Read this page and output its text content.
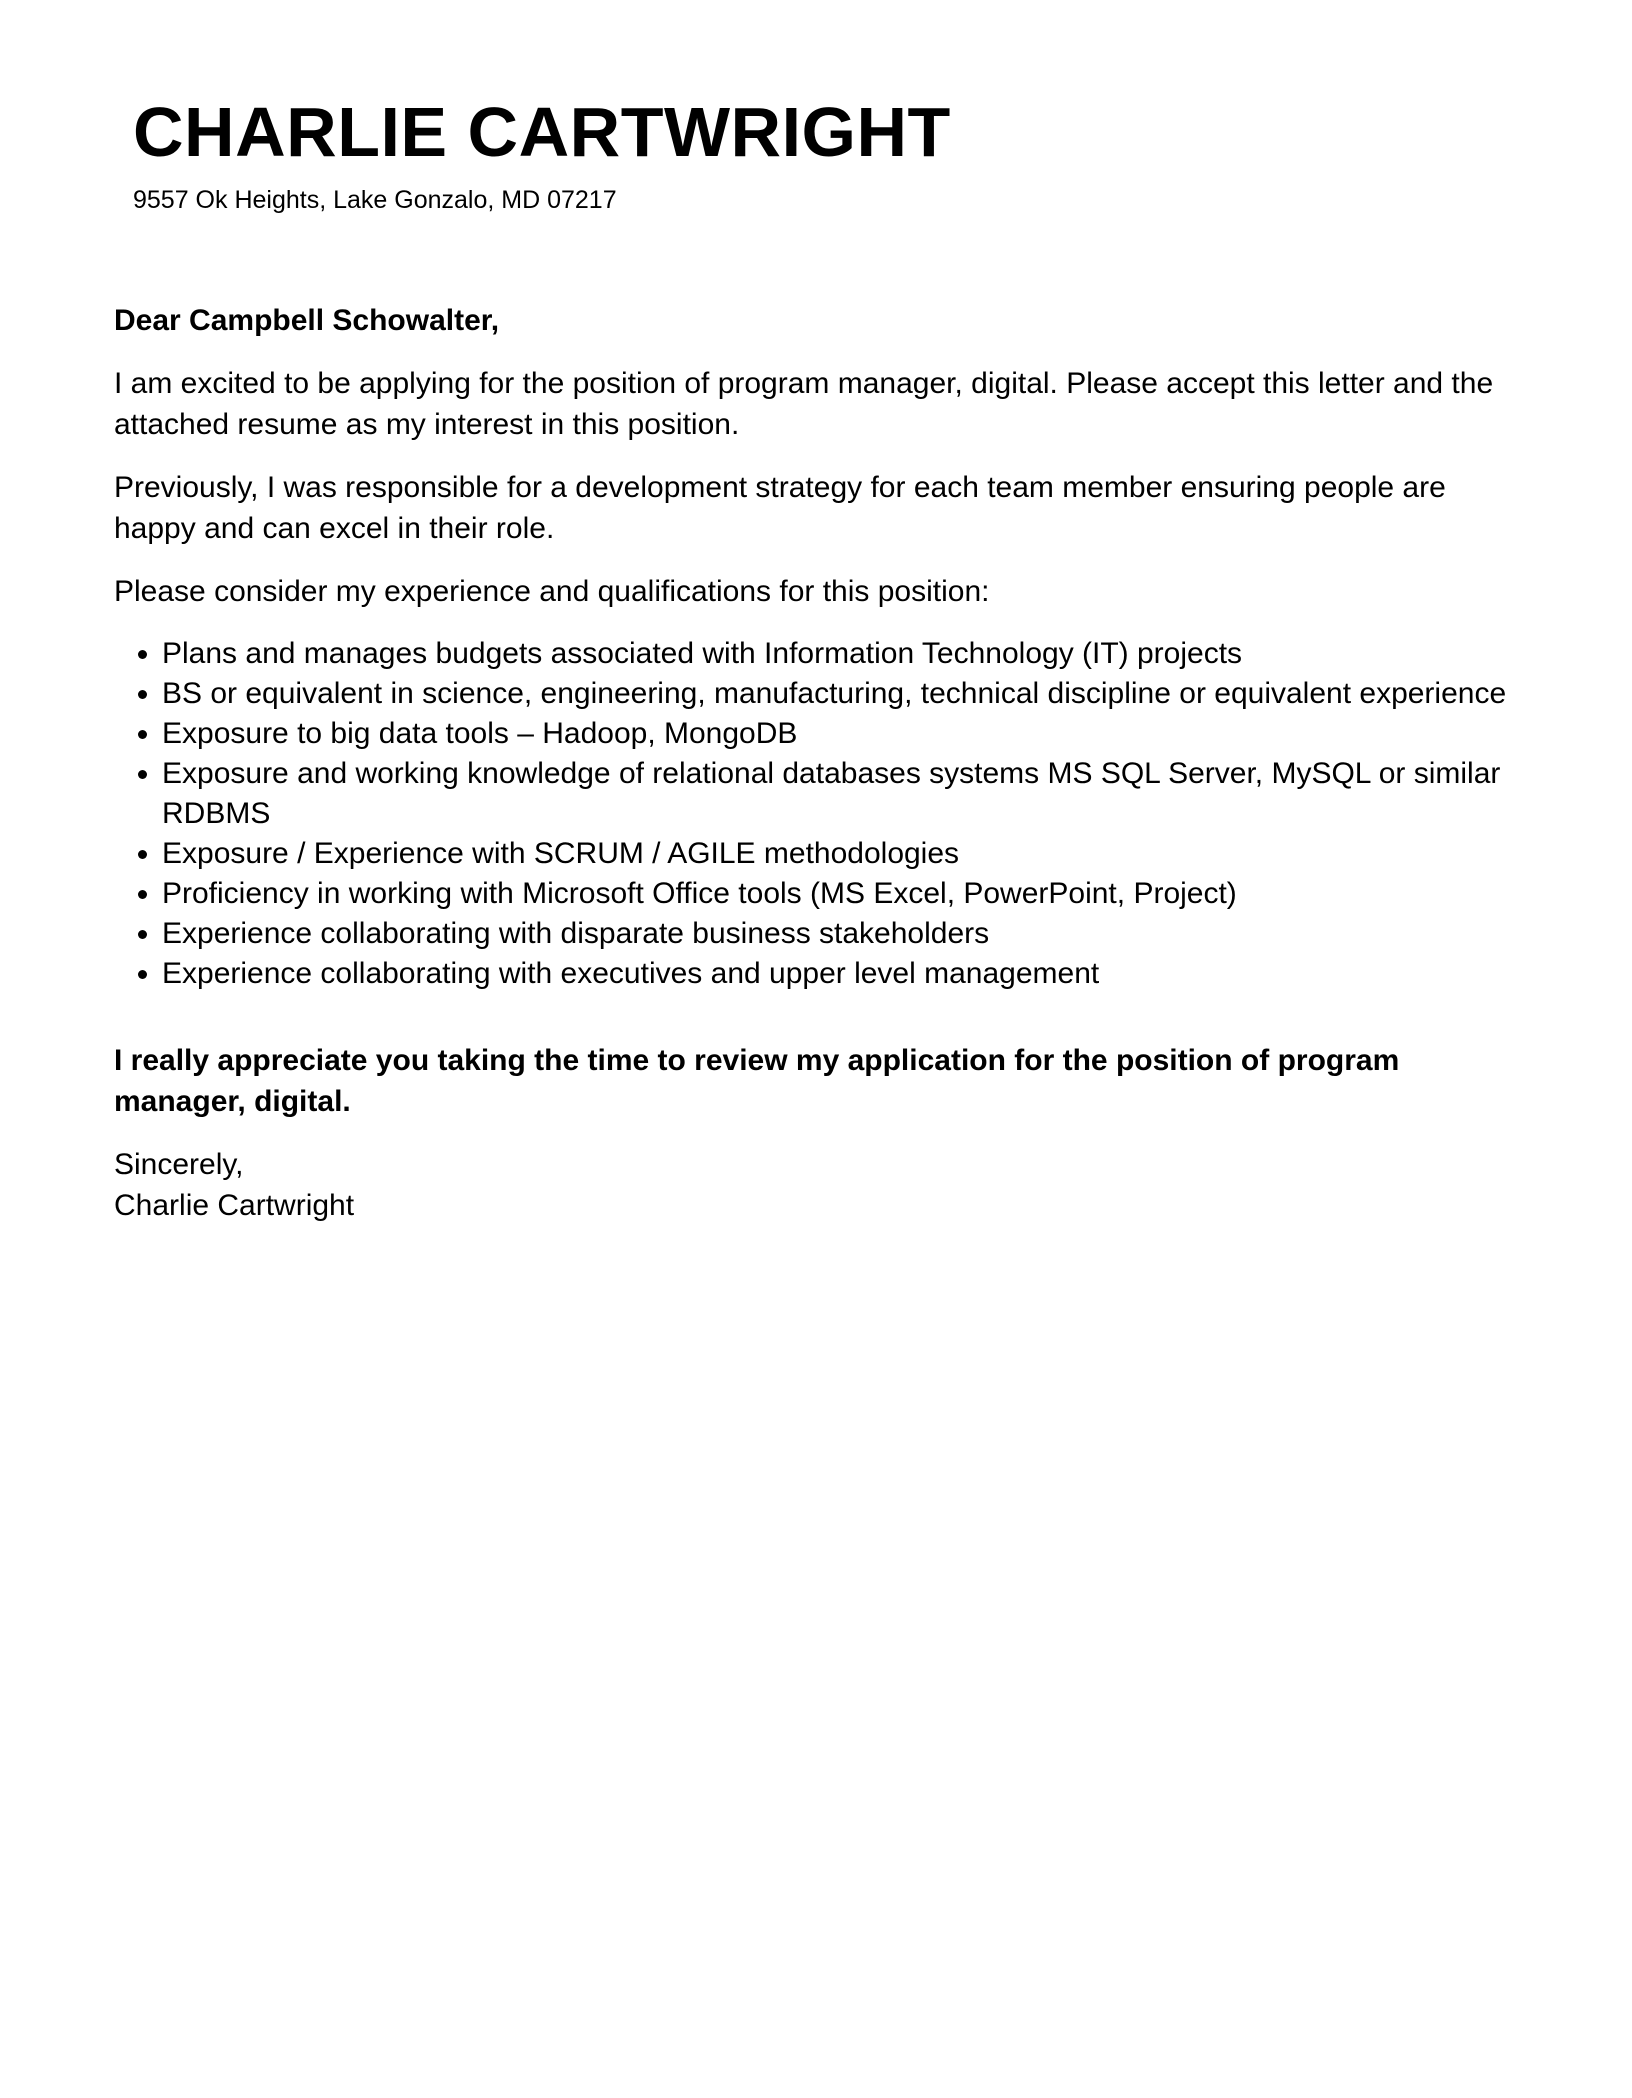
CHARLIE CARTWRIGHT

9557 Ok Heights, Lake Gonzalo, MD 07217

Dear Campbell Schowalter,

I am excited to be applying for the position of program manager, digital. Please accept this letter and the attached resume as my interest in this position.

Previously, I was responsible for a development strategy for each team member ensuring people are happy and can excel in their role.

Please consider my experience and qualifications for this position:

• Plans and manages budgets associated with Information Technology (IT) projects
• BS or equivalent in science, engineering, manufacturing, technical discipline or equivalent experience
• Exposure to big data tools – Hadoop, MongoDB
• Exposure and working knowledge of relational databases systems MS SQL Server, MySQL or similar RDBMS
• Exposure / Experience with SCRUM / AGILE methodologies
• Proficiency in working with Microsoft Office tools (MS Excel, PowerPoint, Project)
• Experience collaborating with disparate business stakeholders
• Experience collaborating with executives and upper level management

I really appreciate you taking the time to review my application for the position of program manager, digital.

Sincerely,
Charlie Cartwright
